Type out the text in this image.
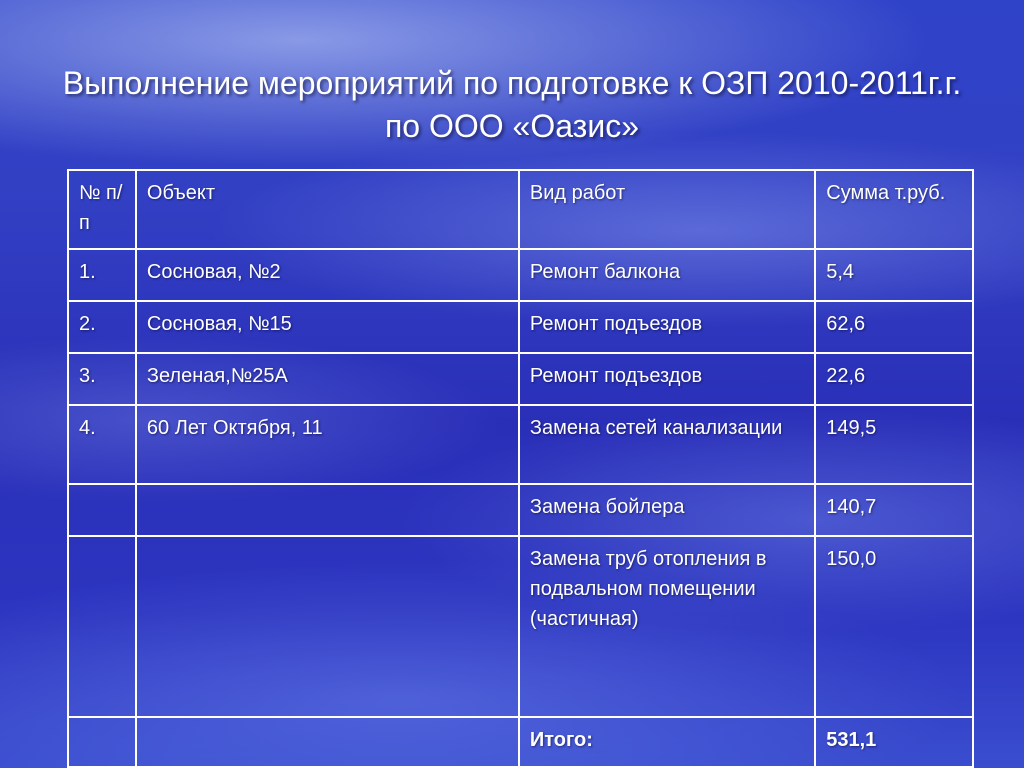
Выполнение мероприятий по подготовке к ОЗП 2010-2011г.г. по ООО «Оазис»
№ п/п	Объект	Вид работ	Сумма т.руб.
1.	Сосновая, №2	Ремонт балкона	5,4
2.	Сосновая, №15	Ремонт подъездов	62,6
3.	Зеленая,№25А	Ремонт подъездов	22,6
4.	60 Лет Октября, 11	Замена сетей канализации	149,5
		Замена бойлера	140,7
		Замена труб отопления в подвальном помещении (частичная)	150,0
		Итого:	531,1
